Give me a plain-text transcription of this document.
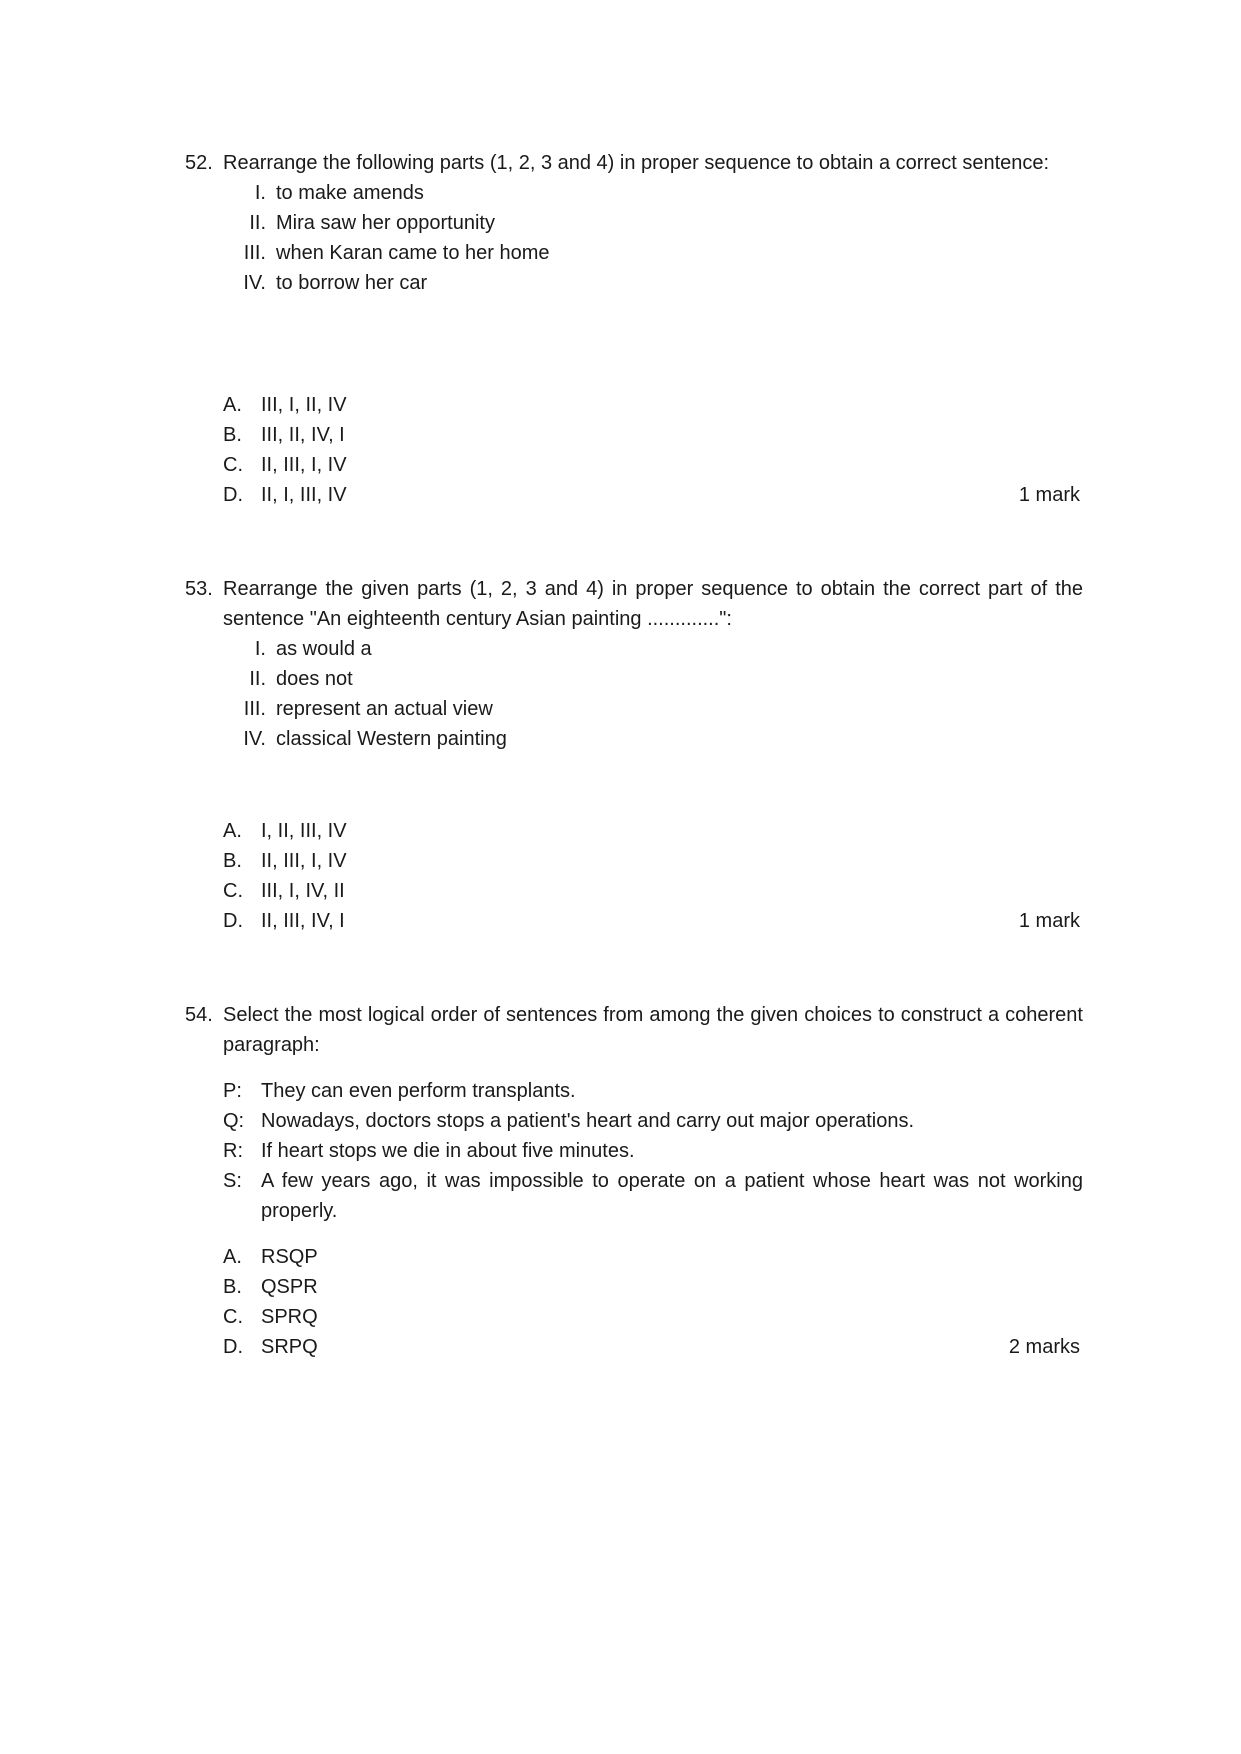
52. Rearrange the following parts (1, 2, 3 and 4) in proper sequence to obtain a correct sentence:
I. to make amends
II. Mira saw her opportunity
III. when Karan came to her home
IV. to borrow her car
A. III, I, II, IV
B. III, II, IV, I
C. II, III, I, IV
D. II, I, III, IV	1 mark
53. Rearrange the given parts (1, 2, 3 and 4) in proper sequence to obtain the correct part of the sentence "An eighteenth century Asian painting .............":
I. as would a
II. does not
III. represent an actual view
IV. classical Western painting
A. I, II, III, IV
B. II, III, I, IV
C. III, I, IV, II
D. II, III, IV, I	1 mark
54. Select the most logical order of sentences from among the given choices to construct a coherent paragraph:
P: They can even perform transplants.
Q: Nowadays, doctors stops a patient's heart and carry out major operations.
R: If heart stops we die in about five minutes.
S: A few years ago, it was impossible to operate on a patient whose heart was not working properly.
A. RSQP
B. QSPR
C. SPRQ
D. SRPQ	2 marks
